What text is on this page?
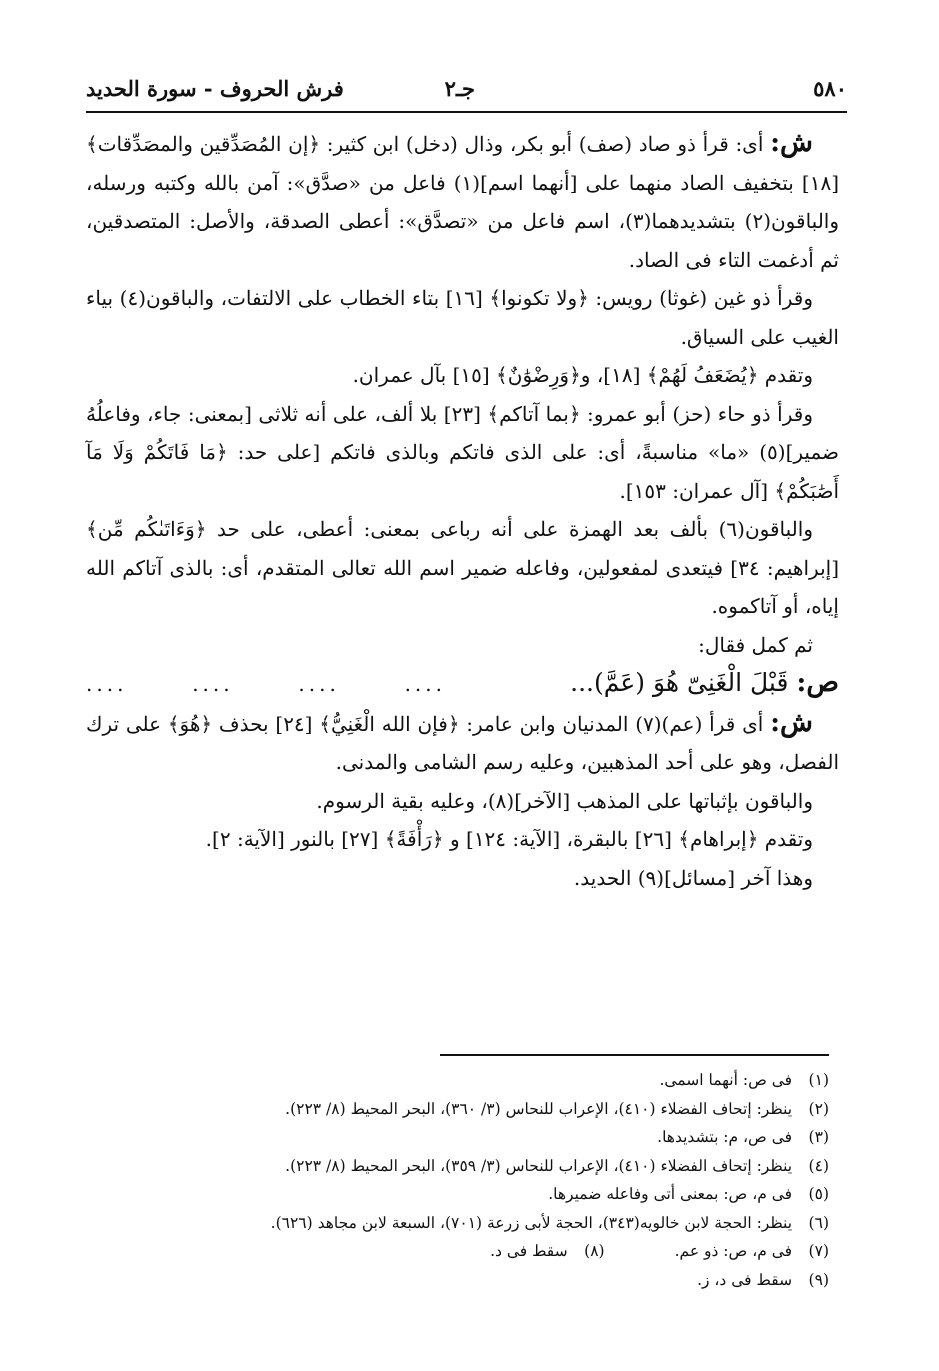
٥٨٠
جـ٢
فرش الحروف - سورة الحديد

ش: أى: قرأ ذو صاد (صف) أبو بكر، وذال (دخل) ابن كثير: ﴿إن المُصَدِّقين والمصَدِّقات﴾ [١٨] بتخفيف الصاد منهما على [أنهما اسم](١) فاعل من «صدَّق»: آمن بالله وكتبه ورسله، والباقون(٢) بتشديدهما(٣)، اسم فاعل من «تصدَّق»: أعطى الصدقة، والأصل: المتصدقين، ثم أدغمت التاء فى الصاد.

وقرأ ذو غين (غوثا) رويس: ﴿ولا تكونوا﴾ [١٦] بتاء الخطاب على الالتفات، والباقون(٤) بياء الغيب على السياق.

وتقدم ﴿يُضَعَفُ لَهُمْ﴾ [١٨]، و﴿وَرِضْوَٰنٌ﴾ [١٥] بآل عمران.

وقرأ ذو حاء (حز) أبو عمرو: ﴿بما آتاكم﴾ [٢٣] بلا ألف، على أنه ثلاثى [بمعنى: جاء، وفاعلُهُ ضمير](٥) «ما» مناسبةً، أى: على الذى فاتكم وبالذى فاتكم [على حد: ﴿مَا فَاتَكُمْ وَلَا مَآ أَصَٰبَكُمْ﴾ [آل عمران: ١٥٣].

والباقون(٦) بألف بعد الهمزة على أنه رباعى بمعنى: أعطى، على حد ﴿وَءَاتَىٰكُم مِّن﴾ [إبراهيم: ٣٤] فيتعدى لمفعولين، وفاعله ضمير اسم الله تعالى المتقدم، أى: بالذى آتاكم الله إياه، أو آتاكموه.

ثم كمل فقال:

ص: قَبْلَ الْغَنِىّ هُوَ (عَمَّ)...
....	....	....	....

ش: أى قرأ (عم)(٧) المدنيان وابن عامر: ﴿فإن الله الْغَنِيُّ﴾ [٢٤] بحذف ﴿هُوَ﴾ على ترك الفصل، وهو على أحد المذهبين، وعليه رسم الشامى والمدنى.

والباقون بإثباتها على المذهب [الآخر](٨)، وعليه بقية الرسوم.

وتقدم ﴿إبراهام﴾ [٢٦] بالبقرة، [الآية: ١٢٤] و ﴿رَأْفَةً﴾ [٢٧] بالنور [الآية: ٢].

وهذا آخر [مسائل](٩) الحديد.

(١) فى ص: أنهما اسمى.
(٢) ينظر: إتحاف الفضلاء (٤١٠)، الإعراب للنحاس (٣/ ٣٦٠)، البحر المحيط (٨/ ٢٢٣).
(٣) فى ص، م: بتشديدها.
(٤) ينظر: إتحاف الفضلاء (٤١٠)، الإعراب للنحاس (٣/ ٣٥٩)، البحر المحيط (٨/ ٢٢٣).
(٥) فى م، ص: بمعنى أتى وفاعله ضميرها.
(٦) ينظر: الحجة لابن خالويه(٣٤٣)، الحجة لأبى زرعة (٧٠١)، السبعة لابن مجاهد (٦٢٦).
(٧) فى م، ص: ذو عم.(٨) سقط فى د.
(٩) سقط فى د، ز.
